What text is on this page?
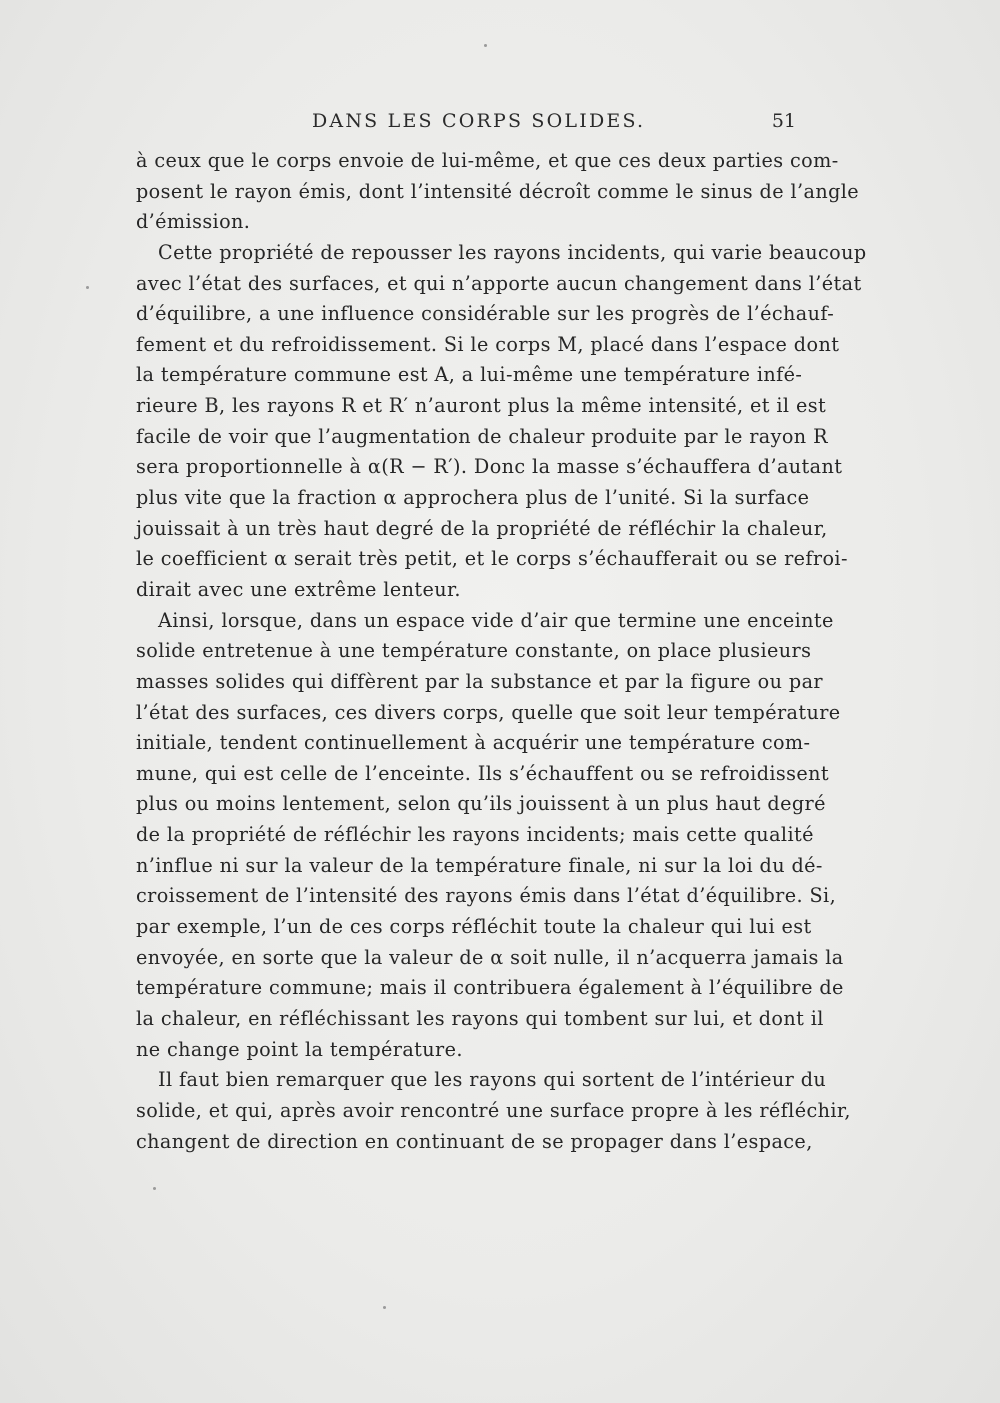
DANS LES CORPS SOLIDES.	51
à ceux que le corps envoie de lui-même, et que ces deux parties com-
posent le rayon émis, dont l’intensité décroît comme le sinus de l’angle
d’émission.
Cette propriété de repousser les rayons incidents, qui varie beaucoup
avec l’état des surfaces, et qui n’apporte aucun changement dans l’état
d’équilibre, a une influence considérable sur les progrès de l’échauf-
fement et du refroidissement. Si le corps M, placé dans l’espace dont
la température commune est A, a lui-même une température infé-
rieure B, les rayons R et R′ n’auront plus la même intensité, et il est
facile de voir que l’augmentation de chaleur produite par le rayon R
sera proportionnelle à α(R − R′). Donc la masse s’échauffera d’autant
plus vite que la fraction α approchera plus de l’unité. Si la surface
jouissait à un très haut degré de la propriété de réfléchir la chaleur,
le coefficient α serait très petit, et le corps s’échaufferait ou se refroi-
dirait avec une extrême lenteur.
Ainsi, lorsque, dans un espace vide d’air que termine une enceinte
solide entretenue à une température constante, on place plusieurs
masses solides qui diffèrent par la substance et par la figure ou par
l’état des surfaces, ces divers corps, quelle que soit leur température
initiale, tendent continuellement à acquérir une température com-
mune, qui est celle de l’enceinte. Ils s’échauffent ou se refroidissent
plus ou moins lentement, selon qu’ils jouissent à un plus haut degré
de la propriété de réfléchir les rayons incidents; mais cette qualité
n’influe ni sur la valeur de la température finale, ni sur la loi du dé-
croissement de l’intensité des rayons émis dans l’état d’équilibre. Si,
par exemple, l’un de ces corps réfléchit toute la chaleur qui lui est
envoyée, en sorte que la valeur de α soit nulle, il n’acquerra jamais la
température commune; mais il contribuera également à l’équilibre de
la chaleur, en réfléchissant les rayons qui tombent sur lui, et dont il
ne change point la température.
Il faut bien remarquer que les rayons qui sortent de l’intérieur du
solide, et qui, après avoir rencontré une surface propre à les réfléchir,
changent de direction en continuant de se propager dans l’espace,
